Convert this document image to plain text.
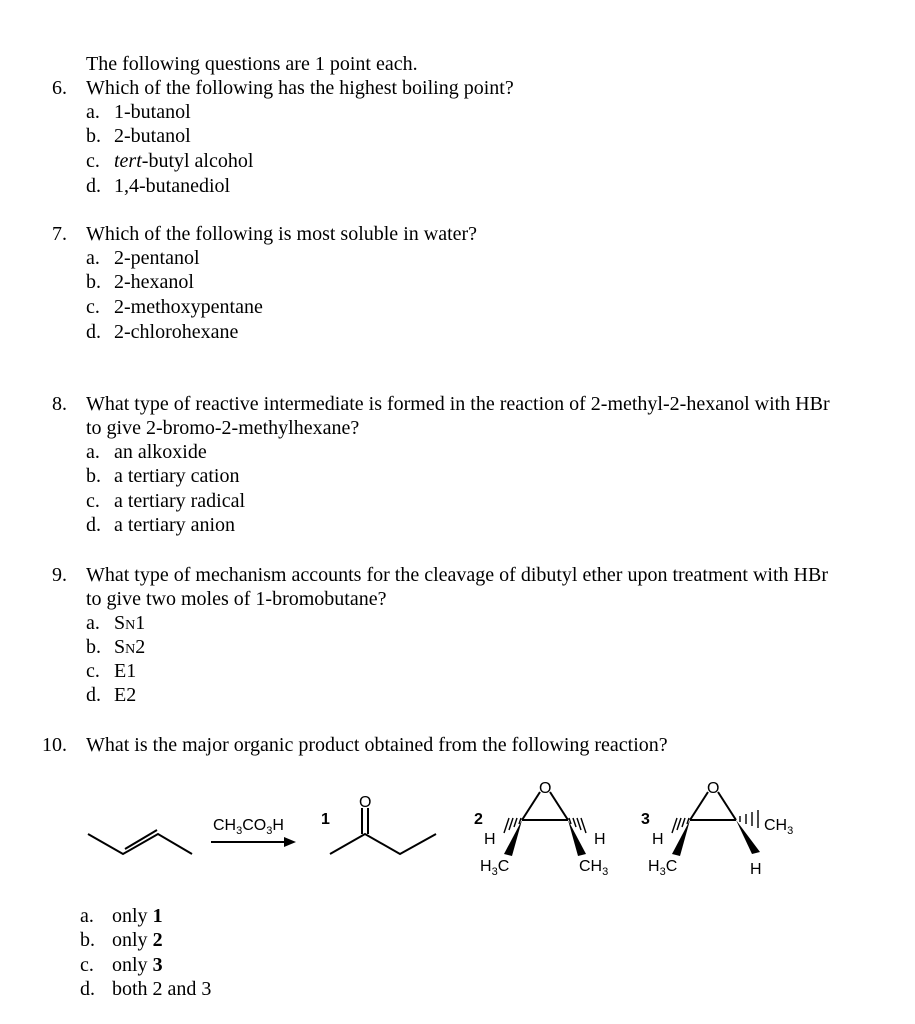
The following questions are 1 point each.
6. Which of the following has the highest boiling point?
a. 1-butanol
b. 2-butanol
c. tert-butyl alcohol
d. 1,4-butanediol
7. Which of the following is most soluble in water?
a. 2-pentanol
b. 2-hexanol
c. 2-methoxypentane
d. 2-chlorohexane
8. What type of reactive intermediate is formed in the reaction of 2-methyl-2-hexanol with HBr
to give 2-bromo-2-methylhexane?
a. an alkoxide
b. a tertiary cation
c. a tertiary radical
d. a tertiary anion
9. What type of mechanism accounts for the cleavage of dibutyl ether upon treatment with HBr
to give two moles of 1-bromobutane?
a. SN1
b. SN2
c. E1
d. E2
10. What is the major organic product obtained from the following reaction?
$CH_3CO_3H$ 1
O
2
O
H	H
$H_3C$	$CH_3$
3
O
H
$CH_3$
$H_3C$	H
a. only 1
b. only 2
c. only 3
d. both 2 and 3
